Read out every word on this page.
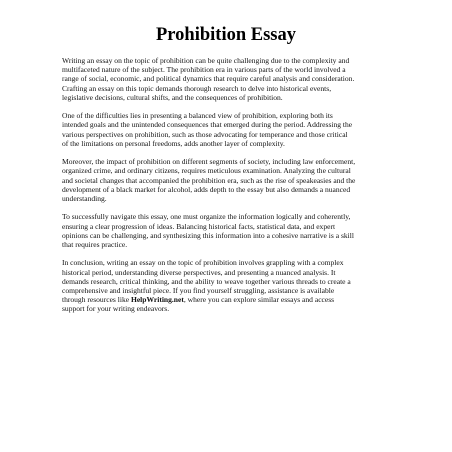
Prohibition Essay

Writing an essay on the topic of prohibition can be quite challenging due to the complexity and
multifaceted nature of the subject. The prohibition era in various parts of the world involved a
range of social, economic, and political dynamics that require careful analysis and consideration.
Crafting an essay on this topic demands thorough research to delve into historical events,
legislative decisions, cultural shifts, and the consequences of prohibition.

One of the difficulties lies in presenting a balanced view of prohibition, exploring both its
intended goals and the unintended consequences that emerged during the period. Addressing the
various perspectives on prohibition, such as those advocating for temperance and those critical
of the limitations on personal freedoms, adds another layer of complexity.

Moreover, the impact of prohibition on different segments of society, including law enforcement,
organized crime, and ordinary citizens, requires meticulous examination. Analyzing the cultural
and societal changes that accompanied the prohibition era, such as the rise of speakeasies and the
development of a black market for alcohol, adds depth to the essay but also demands a nuanced
understanding.

To successfully navigate this essay, one must organize the information logically and coherently,
ensuring a clear progression of ideas. Balancing historical facts, statistical data, and expert
opinions can be challenging, and synthesizing this information into a cohesive narrative is a skill
that requires practice.

In conclusion, writing an essay on the topic of prohibition involves grappling with a complex
historical period, understanding diverse perspectives, and presenting a nuanced analysis. It
demands research, critical thinking, and the ability to weave together various threads to create a
comprehensive and insightful piece. If you find yourself struggling, assistance is available
through resources like HelpWriting.net, where you can explore similar essays and access
support for your writing endeavors.
